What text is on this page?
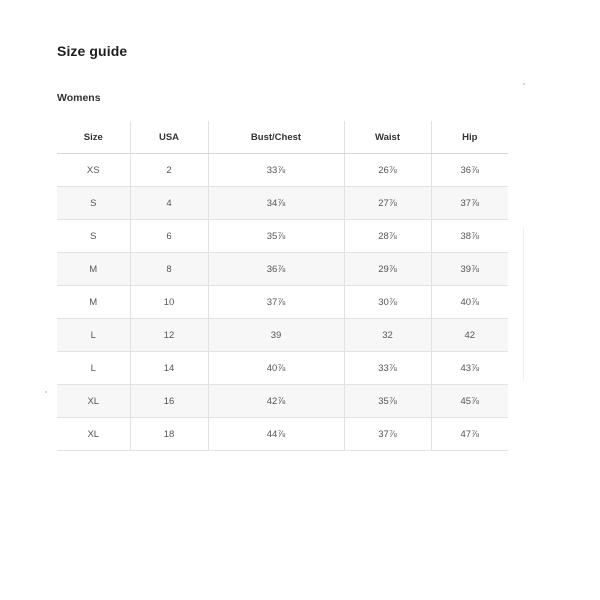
Size guide
Womens
Size	USA	Bust/Chest	Waist	Hip
XS	2	33⅞	26⅞	36⅞
S	4	34⅞	27⅞	37⅞
S	6	35⅞	28⅞	38⅞
M	8	36⅞	29⅞	39⅞
M	10	37⅞	30⅞	40⅞
L	12	39	32	42
L	14	40⅞	33⅞	43⅞
XL	16	42⅞	35⅞	45⅞
XL	18	44⅞	37⅞	47⅞
